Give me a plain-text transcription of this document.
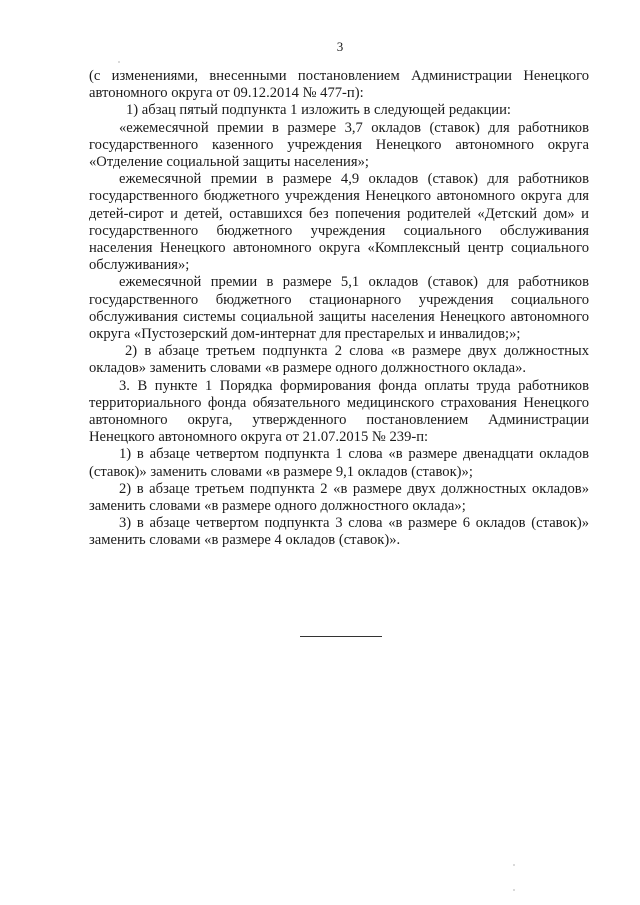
3

(с изменениями, внесенными постановлением Администрации Ненецкого автономного округа от 09.12.2014 № 477-п):

1) абзац пятый подпункта 1 изложить в следующей редакции:

«ежемесячной премии в размере 3,7 окладов (ставок) для работников государственного казенного учреждения Ненецкого автономного округа «Отделение социальной защиты населения»;

ежемесячной премии в размере 4,9 окладов (ставок) для работников государственного бюджетного учреждения Ненецкого автономного округа для детей-сирот и детей, оставшихся без попечения родителей «Детский дом» и государственного бюджетного учреждения социального обслуживания населения Ненецкого автономного округа «Комплексный центр социального обслуживания»;

ежемесячной премии в размере 5,1 окладов (ставок) для работников государственного бюджетного стационарного учреждения социального обслуживания системы социальной защиты населения Ненецкого автономного округа «Пустозерский дом-интернат для престарелых и инвалидов;»;

2) в абзаце третьем подпункта 2 слова «в размере двух должностных окладов» заменить словами «в размере одного должностного оклада».

3. В пункте 1 Порядка формирования фонда оплаты труда работников территориального фонда обязательного медицинского страхования Ненецкого автономного округа, утвержденного постановлением Администрации Ненецкого автономного округа от 21.07.2015 № 239-п:

1) в абзаце четвертом подпункта 1 слова «в размере двенадцати окладов (ставок)» заменить словами «в размере 9,1 окладов (ставок)»;

2) в абзаце третьем подпункта 2 «в размере двух должностных окладов» заменить словами «в размере одного должностного оклада»;

3) в абзаце четвертом подпункта 3 слова «в размере 6 окладов (ставок)» заменить словами «в размере 4 окладов (ставок)».
